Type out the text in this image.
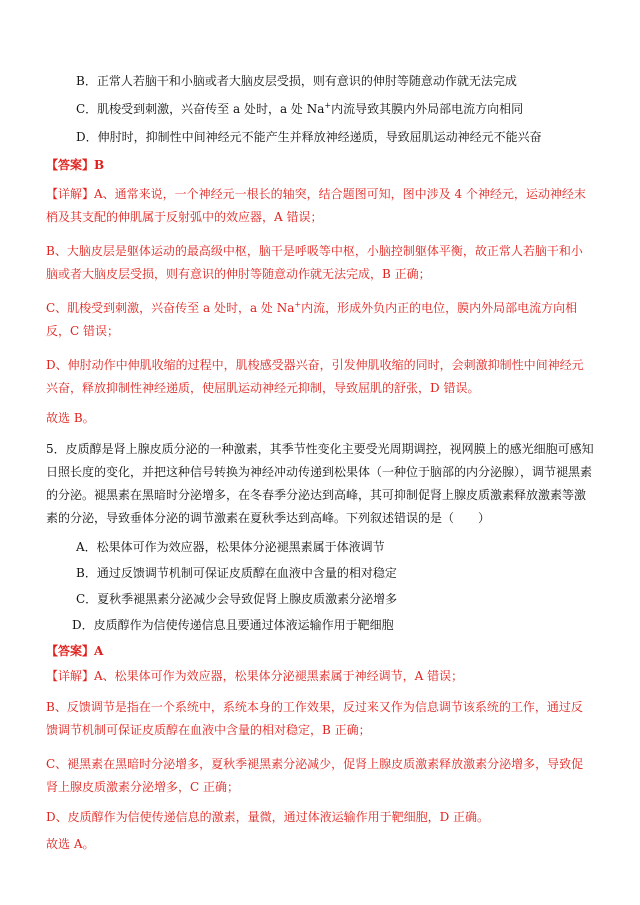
B．正常人若脑干和小脑或者大脑皮层受损，则有意识的伸肘等随意动作就无法完成
C．肌梭受到刺激，兴奋传至 a 处时，a 处 Na+内流导致其膜内外局部电流方向相同
D．伸肘时，抑制性中间神经元不能产生并释放神经递质，导致屈肌运动神经元不能兴奋
【答案】B
【详解】A、通常来说，一个神经元一根长的轴突，结合题图可知，图中涉及 4 个神经元，运动神经末梢及其支配的伸肌属于反射弧中的效应器，A 错误；
B、大脑皮层是躯体运动的最高级中枢，脑干是呼吸等中枢，小脑控制躯体平衡，故正常人若脑干和小脑或者大脑皮层受损，则有意识的伸肘等随意动作就无法完成，B 正确；
C、肌梭受到刺激，兴奋传至 a 处时，a 处 Na+内流，形成外负内正的电位，膜内外局部电流方向相反，C 错误；
D、伸肘动作中伸肌收缩的过程中，肌梭感受器兴奋，引发伸肌收缩的同时，会刺激抑制性中间神经元兴奋，释放抑制性神经递质，使屈肌运动神经元抑制，导致屈肌的舒张，D 错误。
故选 B。
5．皮质醇是肾上腺皮质分泌的一种激素，其季节性变化主要受光周期调控，视网膜上的感光细胞可感知日照长度的变化，并把这种信号转换为神经冲动传递到松果体（一种位于脑部的内分泌腺），调节褪黑素的分泌。褪黑素在黑暗时分泌增多，在冬春季分泌达到高峰，其可抑制促肾上腺皮质激素释放激素等激素的分泌，导致垂体分泌的调节激素在夏秋季达到高峰。下列叙述错误的是（　　）
A．松果体可作为效应器，松果体分泌褪黑素属于体液调节
B．通过反馈调节机制可保证皮质醇在血液中含量的相对稳定
C．夏秋季褪黑素分泌减少会导致促肾上腺皮质激素分泌增多
D．皮质醇作为信使传递信息且要通过体液运输作用于靶细胞
【答案】A
【详解】A、松果体可作为效应器，松果体分泌褪黑素属于神经调节，A 错误；
B、反馈调节是指在一个系统中，系统本身的工作效果，反过来又作为信息调节该系统的工作，通过反馈调节机制可保证皮质醇在血液中含量的相对稳定，B 正确；
C、褪黑素在黑暗时分泌增多，夏秋季褪黑素分泌减少，促肾上腺皮质激素释放激素分泌增多，导致促肾上腺皮质激素分泌增多，C 正确；
D、皮质醇作为信使传递信息的激素，量微，通过体液运输作用于靶细胞，D 正确。
故选 A。
